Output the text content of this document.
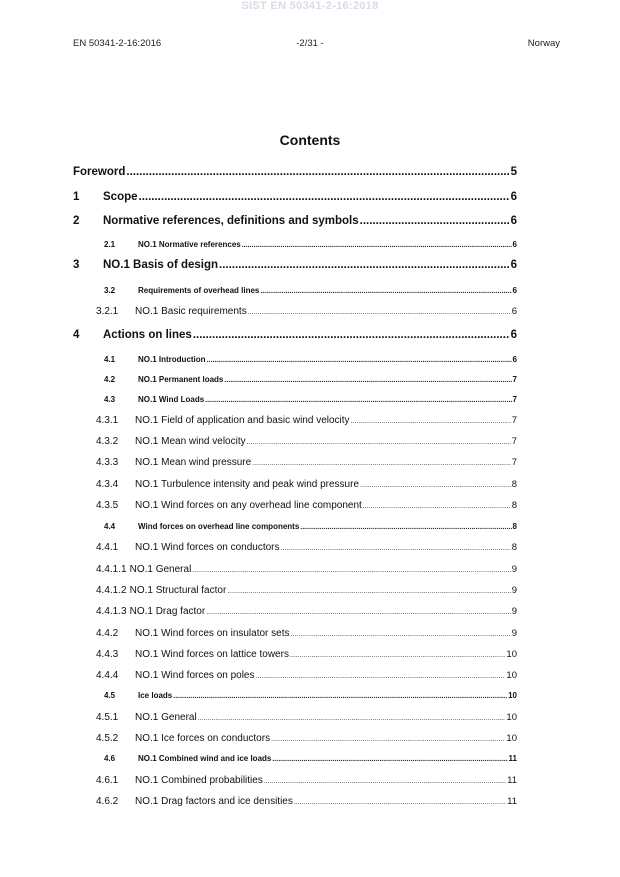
SIST EN 50341-2-16:2018
EN 50341-2-16:2016	-2/31 -	Norway
Contents
Foreword .....	5
1	Scope .....	6
2	Normative references, definitions and symbols .....	6
2.1	NO.1 Normative references .....	6
3	NO.1 Basis of design .....	6
3.2	Requirements of overhead lines .....	6
3.2.1	NO.1 Basic requirements .....	6
4	Actions on lines .....	6
4.1	NO.1 Introduction .....	6
4.2	NO.1 Permanent loads .....	7
4.3	NO.1 Wind Loads .....	7
4.3.1	NO.1 Field of application and basic wind velocity .....	7
4.3.2	NO.1 Mean wind velocity .....	7
4.3.3	NO.1 Mean wind pressure .....	7
4.3.4	NO.1 Turbulence intensity and peak wind pressure .....	8
4.3.5	NO.1 Wind forces on any overhead line component .....	8
4.4	Wind forces on overhead line components .....	8
4.4.1	NO.1 Wind forces on conductors .....	8
4.4.1.1 NO.1 General .....	9
4.4.1.2 NO.1 Structural factor .....	9
4.4.1.3 NO.1 Drag factor .....	9
4.4.2	NO.1 Wind forces on insulator sets .....	9
4.4.3	NO.1 Wind forces on lattice towers .....	10
4.4.4	NO.1 Wind forces on poles .....	10
4.5	Ice loads .....	10
4.5.1	NO.1 General .....	10
4.5.2	NO.1 Ice forces on conductors .....	10
4.6	NO.1 Combined wind and ice loads .....	11
4.6.1	NO.1 Combined probabilities .....	11
4.6.2	NO.1 Drag factors and ice densities .....	11
